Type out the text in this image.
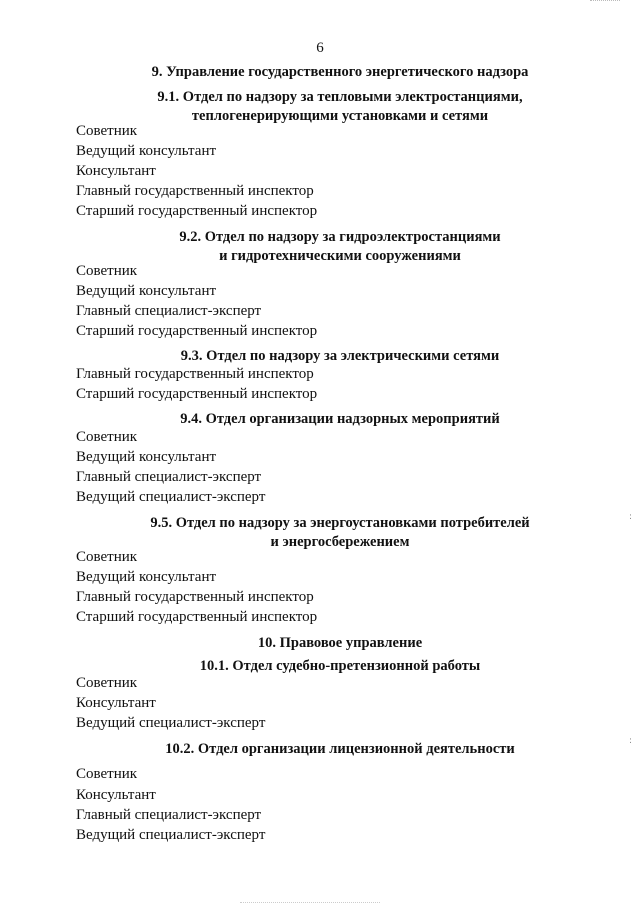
6
9. Управление государственного энергетического надзора
9.1. Отдел по надзору за тепловыми электростанциями,
теплогенерирующими установками и сетями
Советник
Ведущий консультант
Консультант
Главный государственный инспектор
Старший государственный инспектор
9.2. Отдел по надзору за гидроэлектростанциями
и гидротехническими сооружениями
Советник
Ведущий консультант
Главный специалист-эксперт
Старший государственный инспектор
9.3. Отдел по надзору за электрическими сетями
Главный государственный инспектор
Старший государственный инспектор
9.4. Отдел организации надзорных мероприятий
Советник
Ведущий консультант
Главный специалист-эксперт
Ведущий специалист-эксперт
9.5. Отдел по надзору за энергоустановками потребителей
и энергосбережением
Советник
Ведущий консультант
Главный государственный инспектор
Старший государственный инспектор
10. Правовое управление
10.1. Отдел судебно-претензионной работы
Советник
Консультант
Ведущий специалист-эксперт
10.2. Отдел организации лицензионной деятельности
Советник
Консультант
Главный специалист-эксперт
Ведущий специалист-эксперт
:
:
